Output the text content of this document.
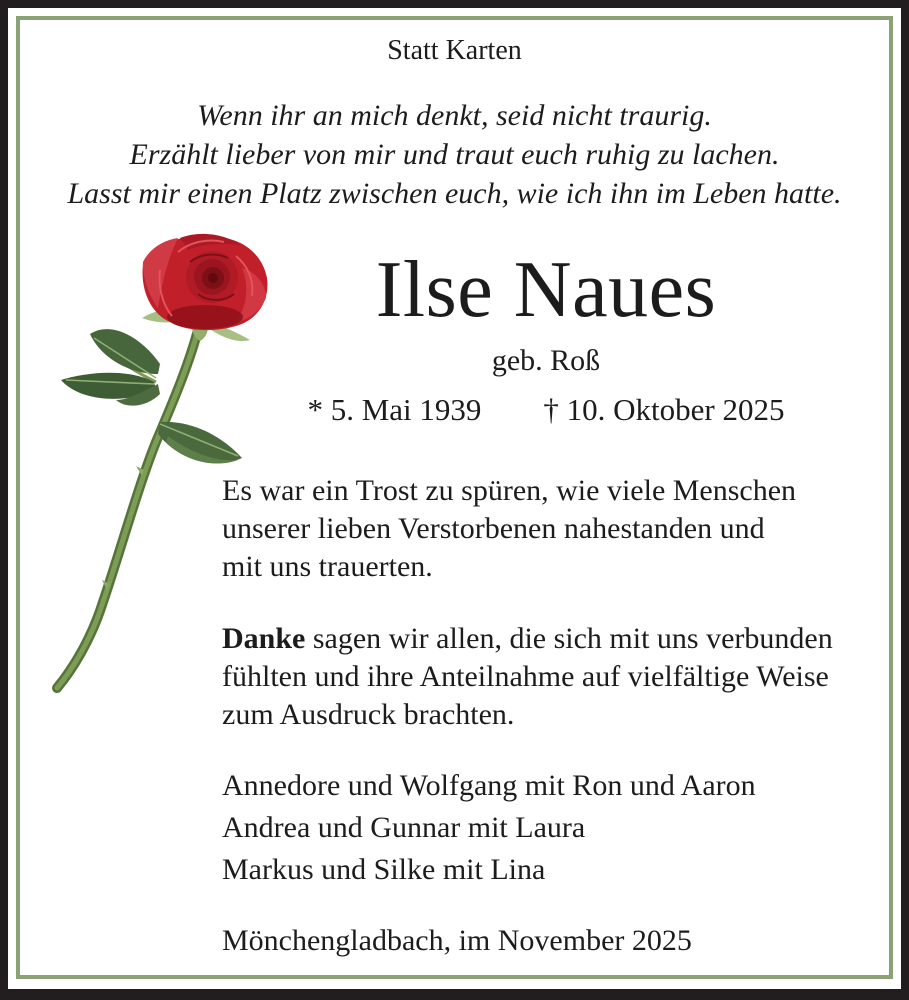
Statt Karten
Wenn ihr an mich denkt, seid nicht traurig.
Erzählt lieber von mir und traut euch ruhig zu lachen.
Lasst mir einen Platz zwischen euch, wie ich ihn im Leben hatte.
Ilse Naues
geb. Roß
* 5. Mai 1939 † 10. Oktober 2025
Es war ein Trost zu spüren, wie viele Menschen
unserer lieben Verstorbenen nahestanden und
mit uns trauerten.
Danke sagen wir allen, die sich mit uns verbunden
fühlten und ihre Anteilnahme auf vielfältige Weise
zum Ausdruck brachten.
Annedore und Wolfgang mit Ron und Aaron
Andrea und Gunnar mit Laura
Markus und Silke mit Lina
Mönchengladbach, im November 2025
